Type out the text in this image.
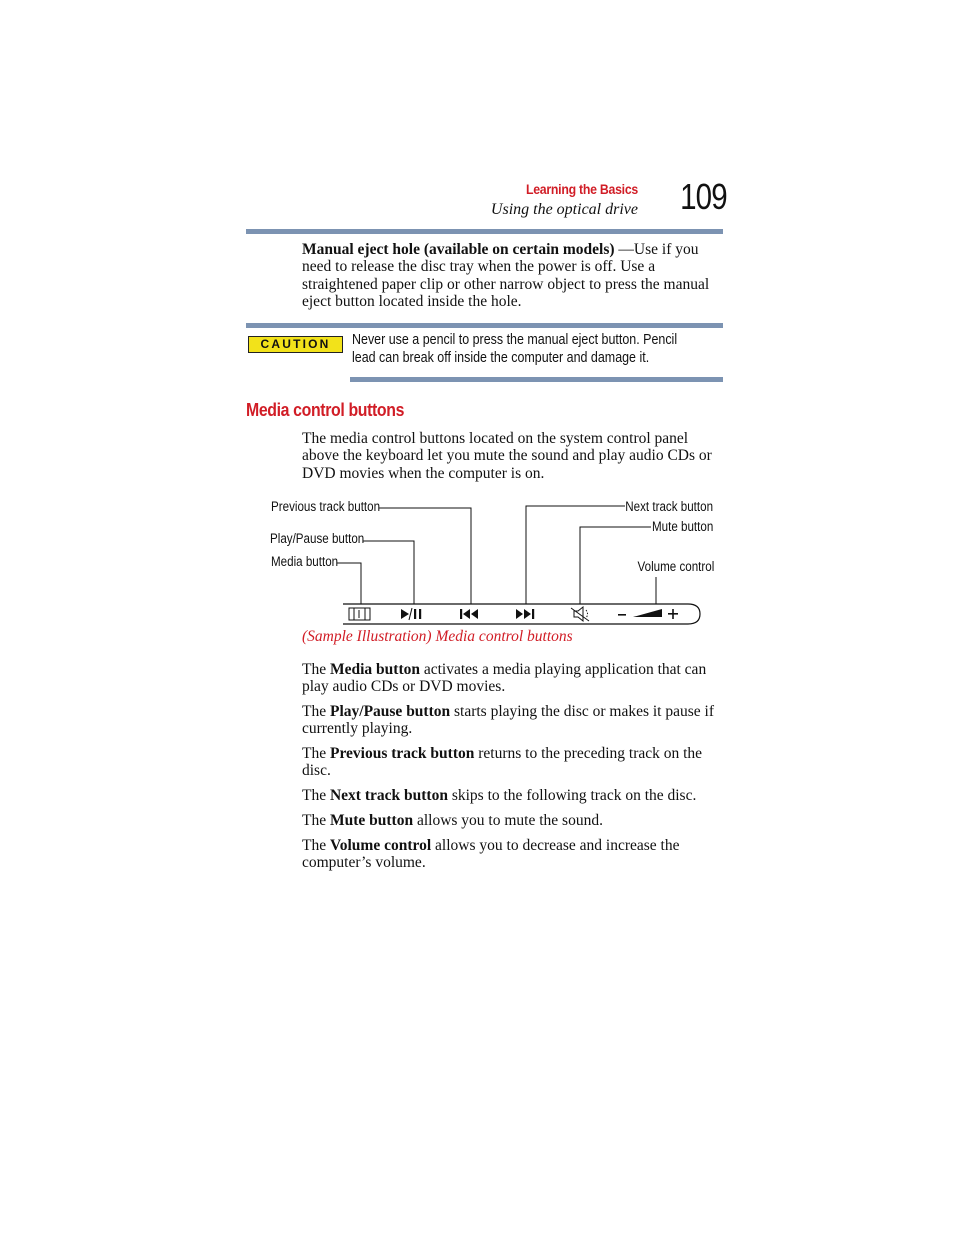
Learning the Basics
Using the optical drive 109
Manual eject hole (available on certain models) —Use if you need to release the disc tray when the power is off. Use a straightened paper clip or other narrow object to press the manual eject button located inside the hole.
CAUTION	Never use a pencil to press the manual eject button. Pencil lead can break off inside the computer and damage it.
Media control buttons
The media control buttons located on the system control panel above the keyboard let you mute the sound and play audio CDs or DVD movies when the computer is on.
Previous track button
Play/Pause button
Media button
Next track button
Mute button
Volume control
(Sample Illustration) Media control buttons
The Media button activates a media playing application that can play audio CDs or DVD movies.
The Play/Pause button starts playing the disc or makes it pause if currently playing.
The Previous track button returns to the preceding track on the disc.
The Next track button skips to the following track on the disc.
The Mute button allows you to mute the sound.
The Volume control allows you to decrease and increase the computer’s volume.
